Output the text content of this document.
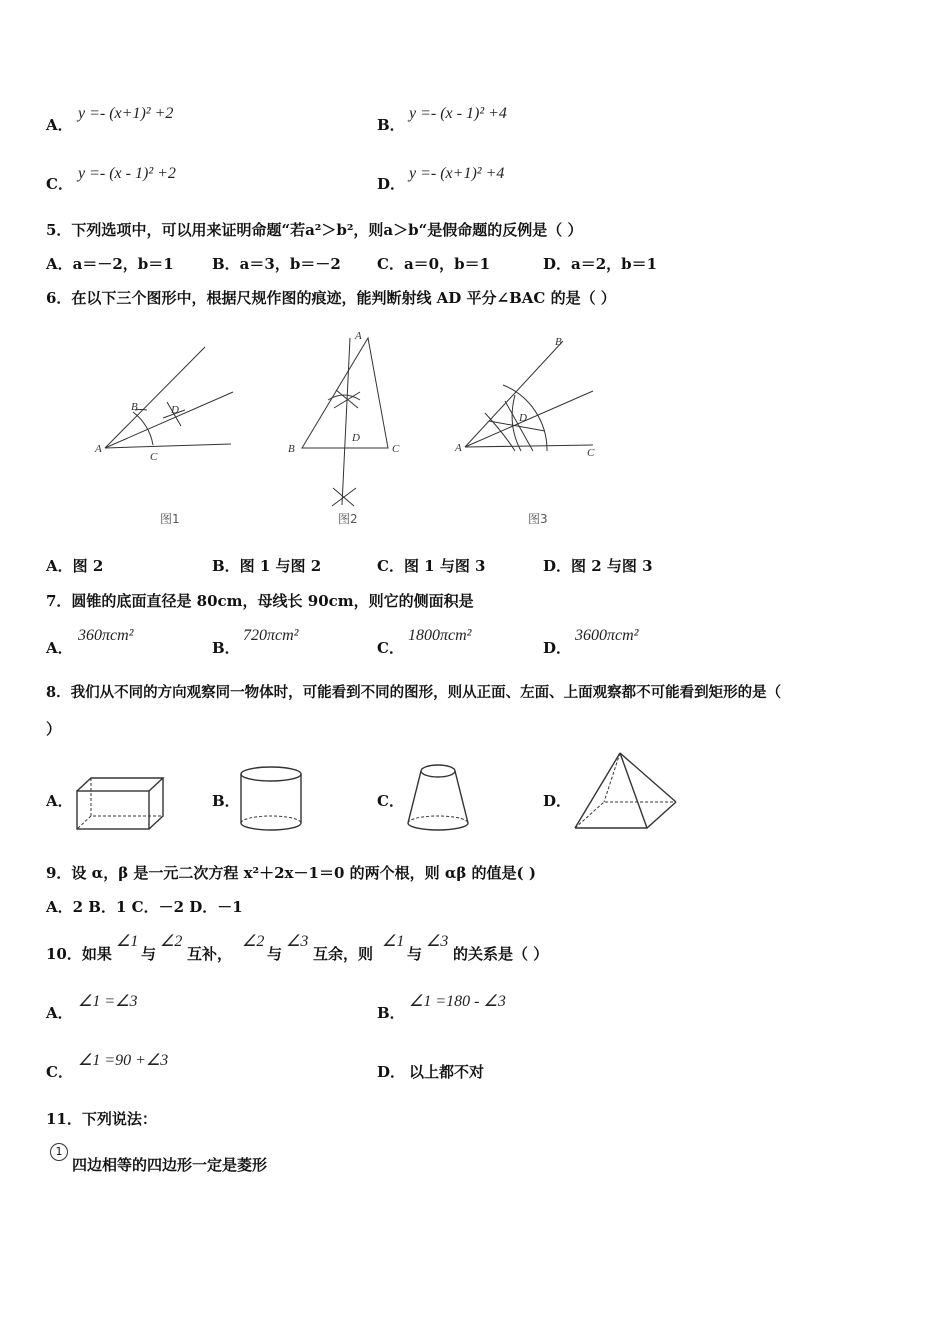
A．
y =- (x+1)² +2
B．
y =- (x - 1)² +4
C．
y =- (x - 1)² +2
D．
y =- (x+1)² +4
5．下列选项中，可以用来证明命题“若a²＞b²，则a＞b“是假命题的反例是（ ）
A．a＝－2，b＝1	B．a＝3，b＝－2 C．a＝0，b＝1	D．a＝2，b＝1
6．在以下三个图形中，根据尺规作图的痕迹，能判断射线 AD 平分∠BAC 的是（ ）
A
B	D
C
图1
A
B	C
D
图2
A
B
C
D
图3
A．图 2	B．图 1 与图 2	C．图 1 与图 3	D．图 2 与图 3
7．圆锥的底面直径是 80cm，母线长 90cm，则它的侧面积是
A．
360πcm²
B．
720πcm²
C．
1800πcm²
D．
3600πcm²
8．我们从不同的方向观察同一物体时，可能看到不同的图形，则从正面、左面、上面观察都不可能看到矩形的是（
）
A．	B．	C．	D．
9．设 α，β 是一元二次方程 x²＋2x－1＝0 的两个根，则 αβ 的值是( )
A．2 B．1 C．－2 D．－1
10．如果
∠1
与
∠2
互补，
∠2
与
∠3
互余，则
∠1
与
∠3
的关系是（ ）
A．
∠1 =∠3
B．
∠1 =180 - ∠3
C．
∠1 =90 +∠3
D． 以上都不对
11．下列说法：
1
四边相等的四边形一定是菱形
